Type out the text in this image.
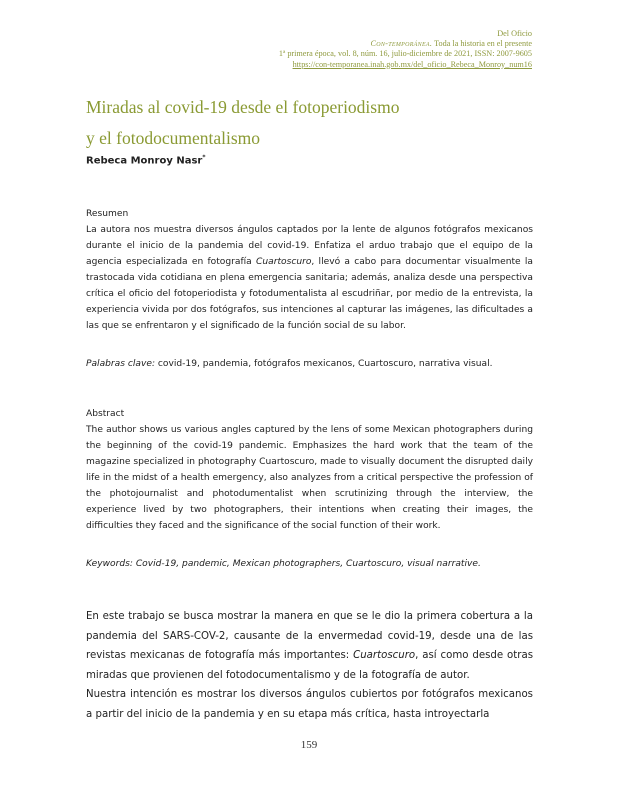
Del Oficio
Con-temporánea. Toda la historia en el presente
1ª primera época, vol. 8, núm. 16, julio-diciembre de 2021, ISSN: 2007-9605
https://con-temporanea.inah.gob.mx/del_oficio_Rebeca_Monroy_num16
Miradas al covid-19 desde el fotoperiodismo
y el fotodocumentalismo
Rebeca Monroy Nasr*
Resumen
La autora nos muestra diversos ángulos captados por la lente de algunos fotógrafos mexicanos durante el inicio de la pandemia del covid-19. Enfatiza el arduo trabajo que el equipo de la agencia especializada en fotografía Cuartoscuro, llevó a cabo para documentar visualmente la trastocada vida cotidiana en plena emergencia sanitaria; además, analiza desde una perspectiva crítica el oficio del fotoperiodista y fotodumentalista al escudriñar, por medio de la entrevista, la experiencia vivida por dos fotógrafos, sus intenciones al capturar las imágenes, las dificultades a las que se enfrentaron y el significado de la función social de su labor.
Palabras clave: covid-19, pandemia, fotógrafos mexicanos, Cuartoscuro, narrativa visual.
Abstract
The author shows us various angles captured by the lens of some Mexican photographers during the beginning of the covid-19 pandemic. Emphasizes the hard work that the team of the magazine specialized in photography Cuartoscuro, made to visually document the disrupted daily life in the midst of a health emergency, also analyzes from a critical perspective the profession of the photojournalist and photodumentalist when scrutinizing through the interview, the experience lived by two photographers, their intentions when creating their images, the difficulties they faced and the significance of the social function of their work.
Keywords: Covid-19, pandemic, Mexican photographers, Cuartoscuro, visual narrative.
En este trabajo se busca mostrar la manera en que se le dio la primera cobertura a la pandemia del SARS-COV-2, causante de la envermedad covid-19, desde una de las revistas mexicanas de fotografía más importantes: Cuartoscuro, así como desde otras miradas que provienen del fotodocumentalismo y de la fotografía de autor.
Nuestra intención es mostrar los diversos ángulos cubiertos por fotógrafos mexicanos a partir del inicio de la pandemia y en su etapa más crítica, hasta introyectarla
159
